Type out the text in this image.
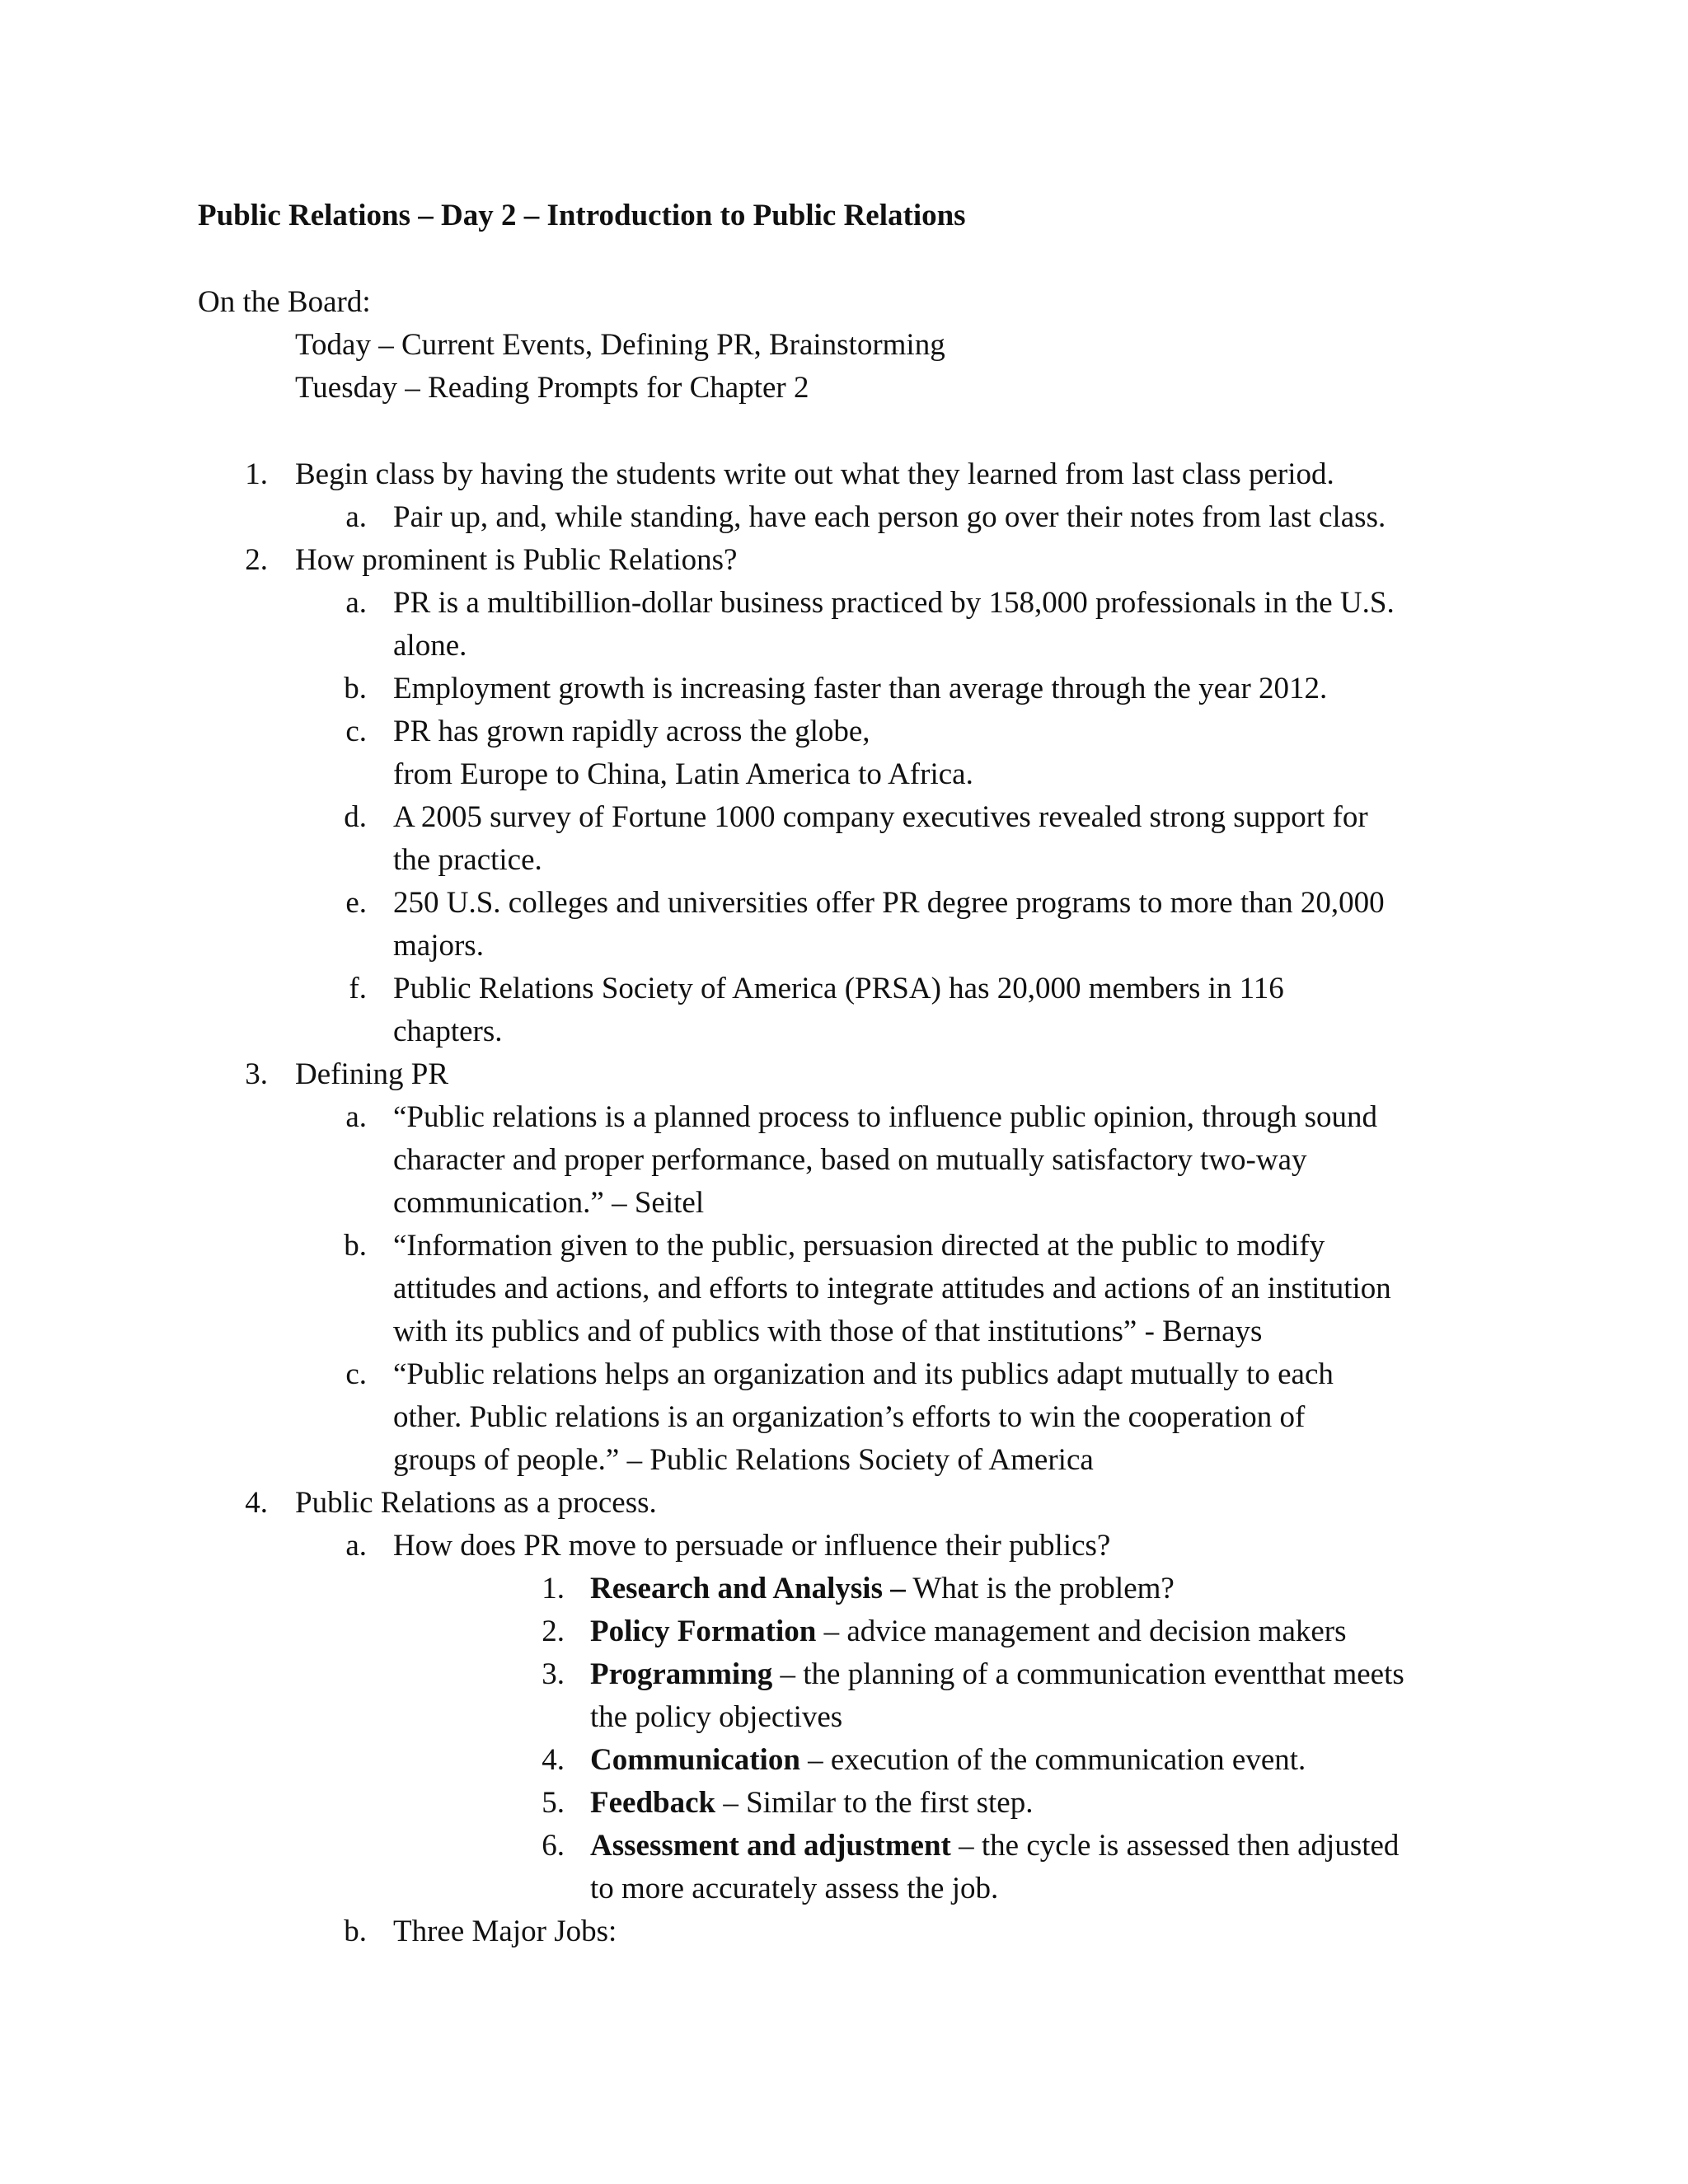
Public Relations – Day 2 – Introduction to Public Relations
On the Board:
Today – Current Events, Defining PR, Brainstorming
Tuesday – Reading Prompts for Chapter 2
1. Begin class by having the students write out what they learned from last class period.
a. Pair up, and, while standing, have each person go over their notes from last class.
2. How prominent is Public Relations?
a. PR is a multibillion-dollar business practiced by 158,000 professionals in the U.S.
alone.
b. Employment growth is increasing faster than average through the year 2012.
c. PR has grown rapidly across the globe,
from Europe to China, Latin America to Africa.
d. A 2005 survey of Fortune 1000 company executives revealed strong support for
the practice.
e. 250 U.S. colleges and universities offer PR degree programs to more than 20,000
majors.
f. Public Relations Society of America (PRSA) has 20,000 members in 116
chapters.
3. Defining PR
a. “Public relations is a planned process to influence public opinion, through sound
character and proper performance, based on mutually satisfactory two-way
communication.” – Seitel
b. “Information given to the public, persuasion directed at the public to modify
attitudes and actions, and efforts to integrate attitudes and actions of an institution
with its publics and of publics with those of that institutions” - Bernays
c. “Public relations helps an organization and its publics adapt mutually to each
other. Public relations is an organization’s efforts to win the cooperation of
groups of people.” – Public Relations Society of America
4. Public Relations as a process.
a. How does PR move to persuade or influence their publics?
1. Research and Analysis – What is the problem?
2. Policy Formation – advice management and decision makers
3. Programming – the planning of a communication eventthat meets
the policy objectives
4. Communication – execution of the communication event.
5. Feedback – Similar to the first step.
6. Assessment and adjustment – the cycle is assessed then adjusted
to more accurately assess the job.
b. Three Major Jobs:
